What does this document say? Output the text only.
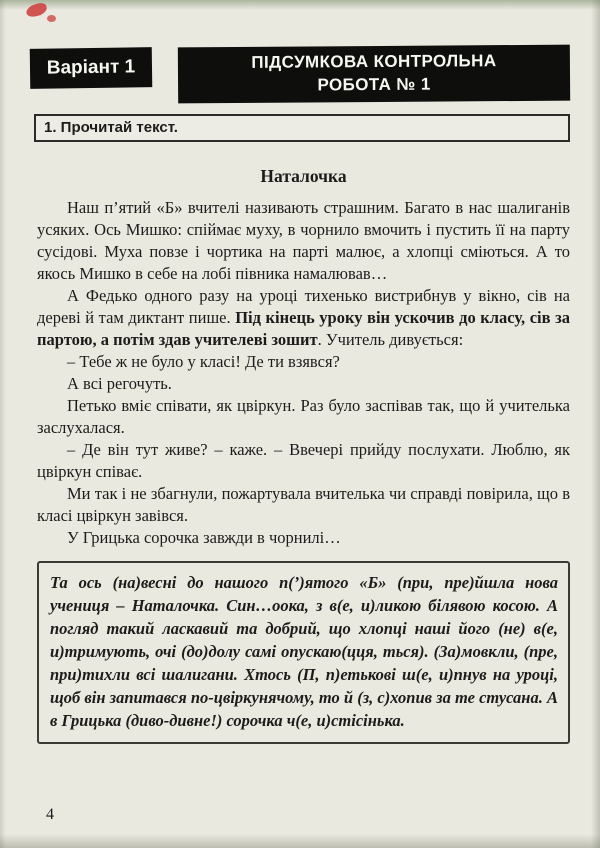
Варіант 1	ПІДСУМКОВА КОНТРОЛЬНА
РОБОТА № 1
1. Прочитай текст.
Наталочка

Наш п’ятий «Б» вчителі називають страшним. Багато в нас шалиганів усяких. Ось Мишко: спіймає муху, в чорнило вмочить і пустить її на парту сусідові. Муха повзе і чортика на парті малює, а хлопці сміються. А то якось Мишко в себе на лобі півника намалював…

А Федько одного разу на уроці тихенько вистрибнув у вікно, сів на дереві й там диктант пише. Під кінець уроку він ускочив до класу, сів за партою, а потім здав учителеві зошит. Учитель дивується:

– Тебе ж не було у класі! Де ти взявся?

А всі регочуть.

Петько вміє співати, як цвіркун. Раз було заспівав так, що й учителька заслухалася.

– Де він тут живе? – каже. – Ввечері прийду послухати. Люблю, як цвіркун співає.

Ми так і не збагнули, пожартувала вчителька чи справді повірила, що в класі цвіркун завівся.

У Грицька сорочка завжди в чорнилі…

Та ось (на)весні до нашого п(’)ятого «Б» (при, пре)йшла нова учениця – Наталочка. Син…оока, з в(е, и)ликою білявою косою. А погляд такий ласкавий та добрий, що хлопці наші його (не) в(е, и)тримують, очі (до)долу самі опускаю(цця, ться). (За)мовкли, (пре, при)тихли всі шалигани. Хтось (П, п)етькові ш(е, и)пнув на уроці, щоб він запитався по-цвіркунячому, то й (з, с)хопив за те стусана. А в Грицька (диво-дивне!) сорочка ч(е, и)стісінька.
4
